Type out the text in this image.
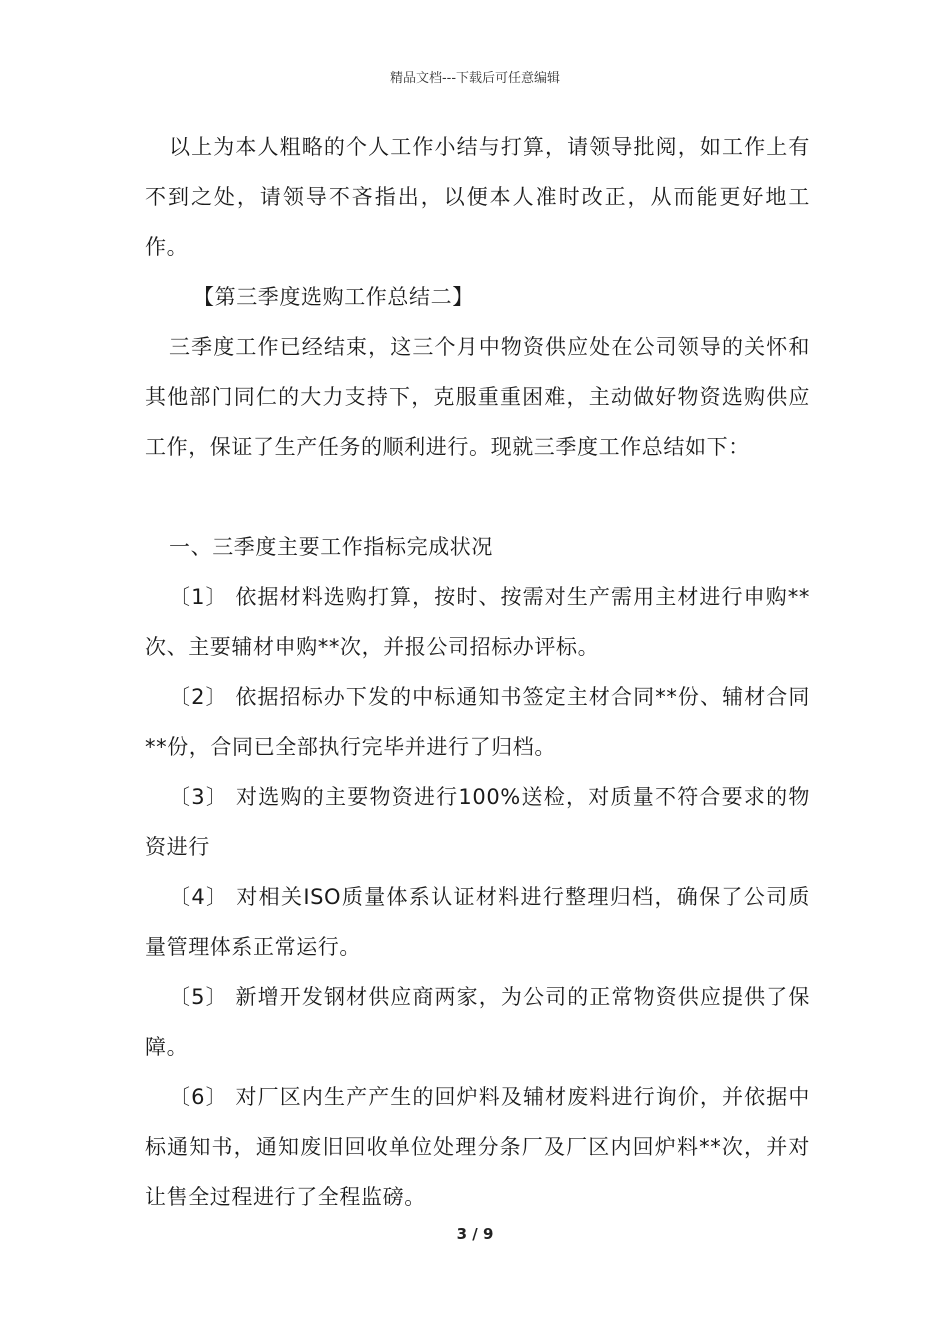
精品文档---下载后可任意编辑

以上为本人粗略的个人工作小结与打算，请领导批阅，如工作上有不到之处，请领导不吝指出，以便本人准时改正，从而能更好地工作。

【第三季度选购工作总结二】

三季度工作已经结束，这三个月中物资供应处在公司领导的关怀和其他部门同仁的大力支持下，克服重重困难，主动做好物资选购供应工作，保证了生产任务的顺利进行。现就三季度工作总结如下：

一、三季度主要工作指标完成状况

〔1〕 依据材料选购打算，按时、按需对生产需用主材进行申购**次、主要辅材申购**次，并报公司招标办评标。

〔2〕 依据招标办下发的中标通知书签定主材合同**份、辅材合同**份，合同已全部执行完毕并进行了归档。

〔3〕 对选购的主要物资进行100%送检，对质量不符合要求的物资进行

〔4〕 对相关ISO质量体系认证材料进行整理归档，确保了公司质量管理体系正常运行。

〔5〕 新增开发钢材供应商两家，为公司的正常物资供应提供了保障。

〔6〕 对厂区内生产产生的回炉料及辅材废料进行询价，并依据中标通知书，通知废旧回收单位处理分条厂及厂区内回炉料**次，并对让售全过程进行了全程监磅。

3 / 9
